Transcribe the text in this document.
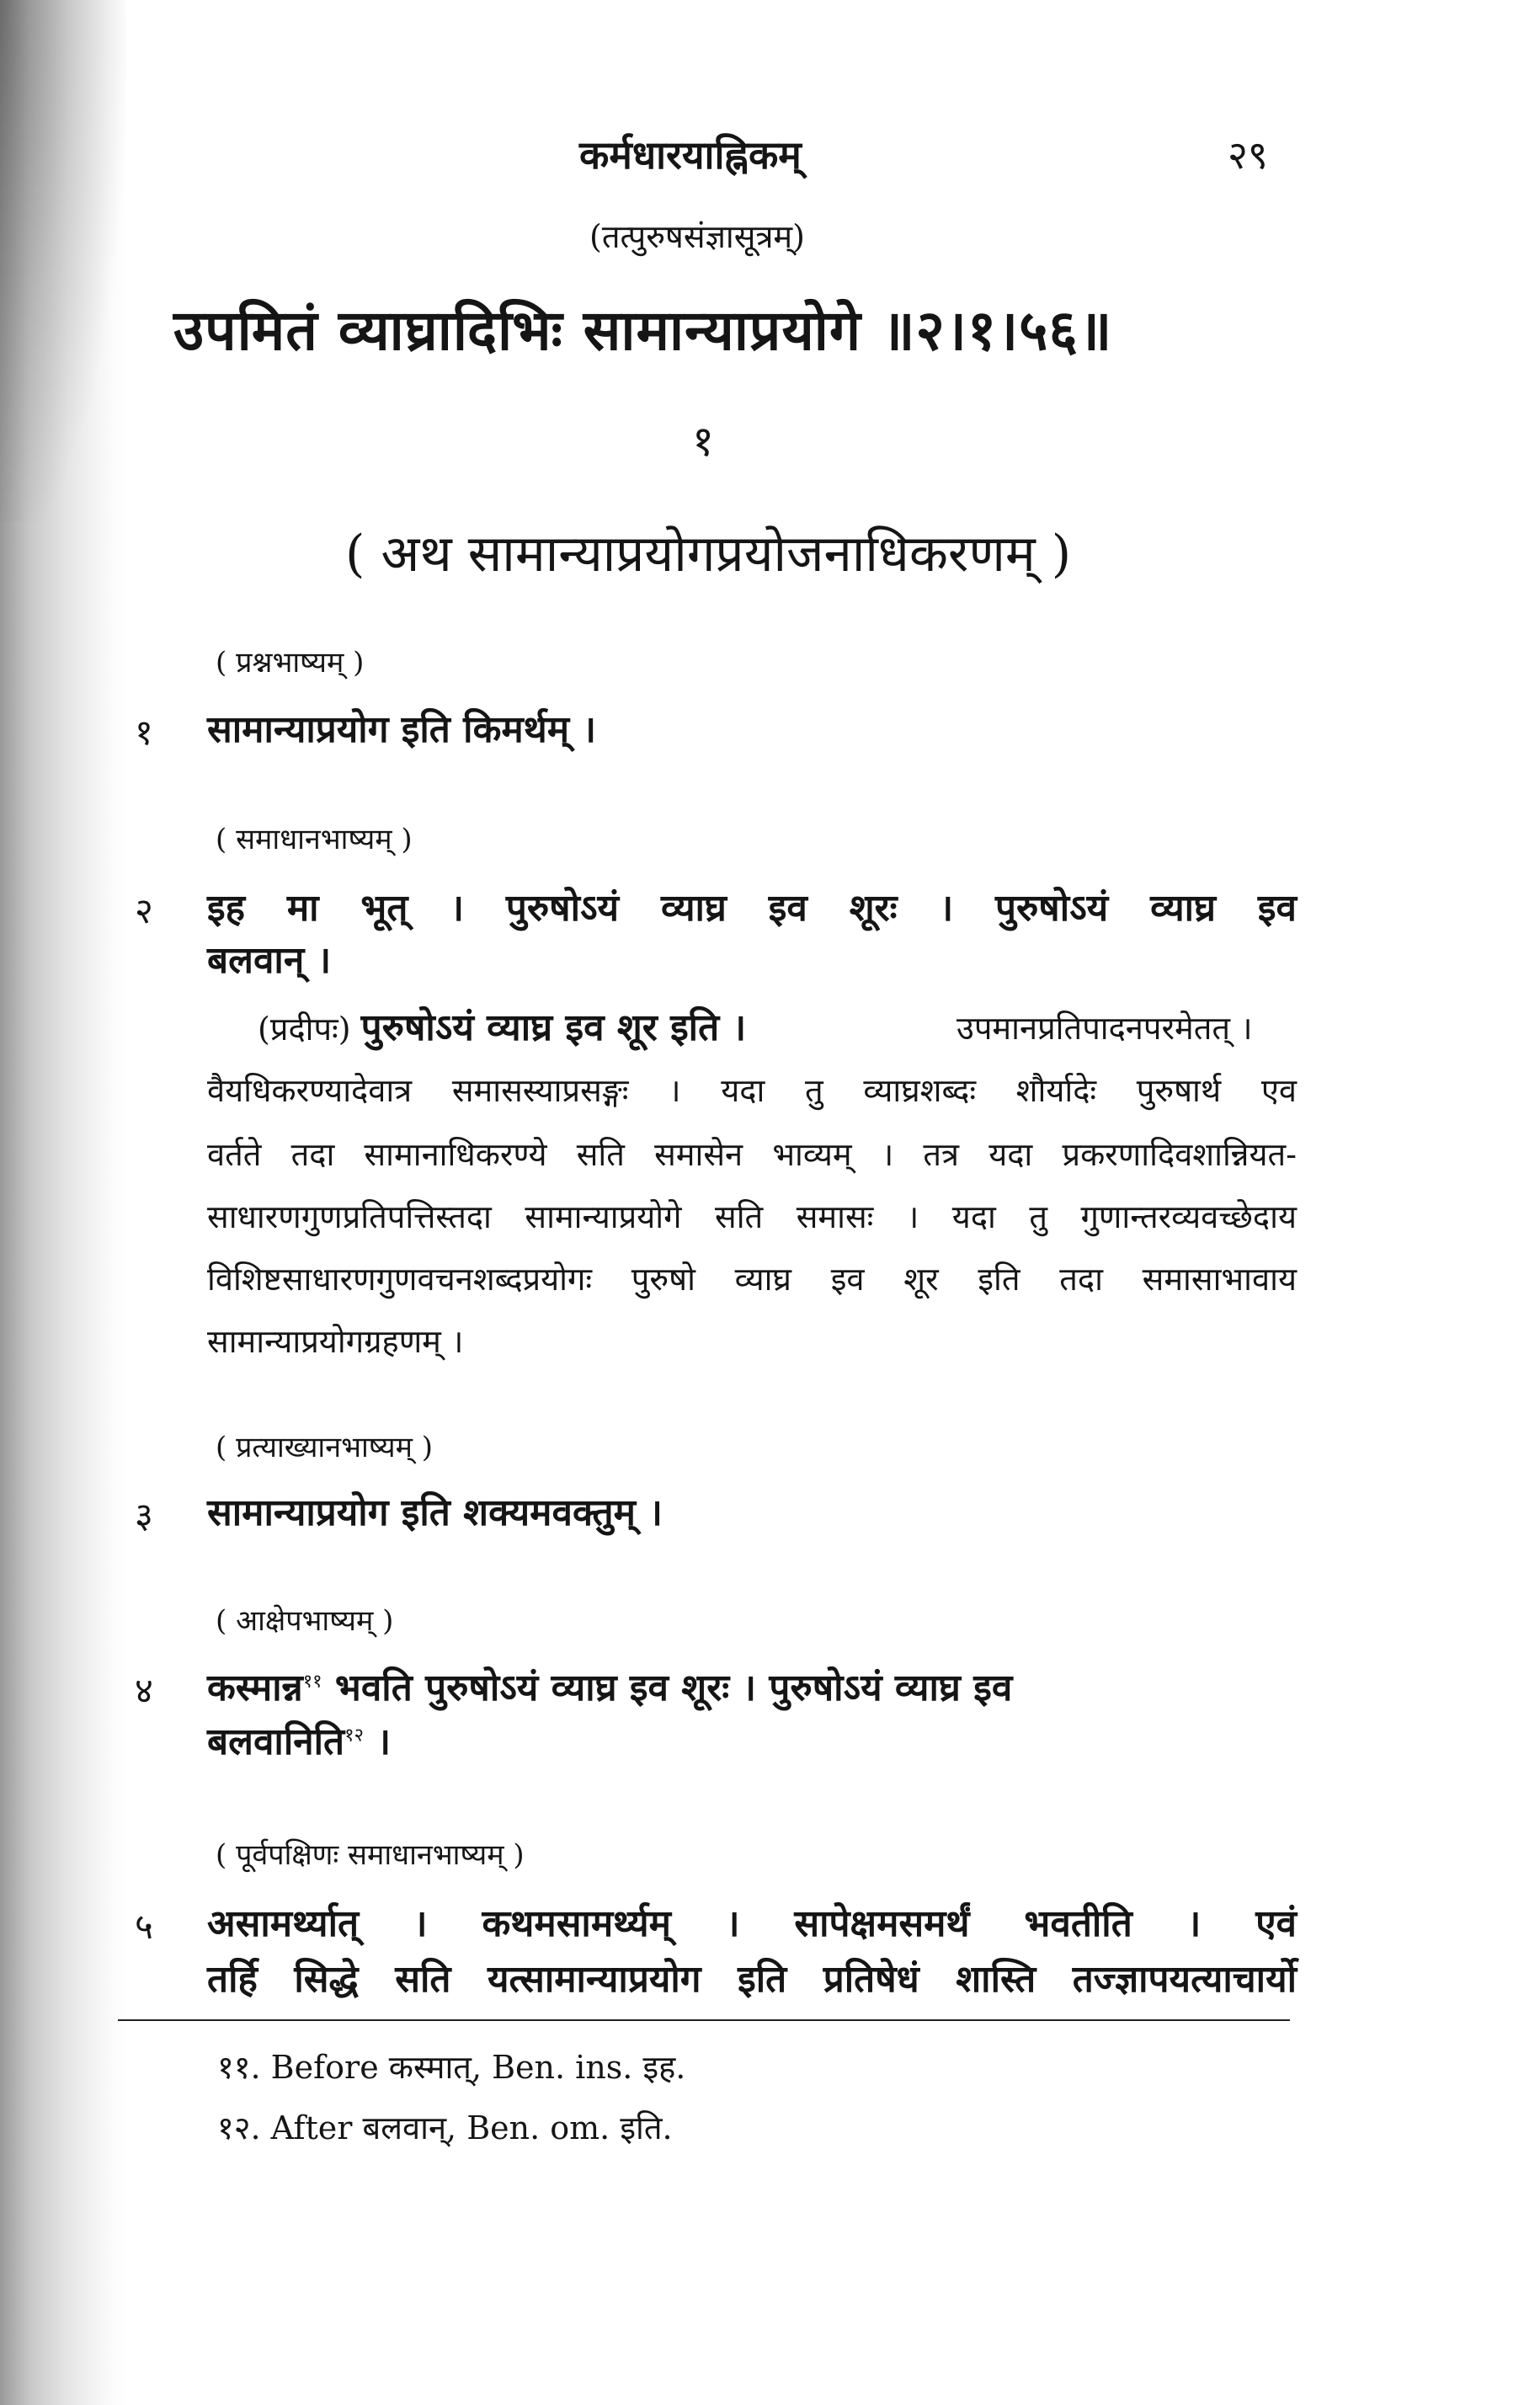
कर्मधारयाह्निकम्	२९
(तत्पुरुषसंज्ञासूत्रम्)
उपमितं व्याघ्रादिभिः सामान्याप्रयोगे ॥२।१।५६॥
१
( अथ सामान्याप्रयोगप्रयोजनाधिकरणम् )
( प्रश्नभाष्यम् )
१ सामान्याप्रयोग इति किमर्थम् ।
( समाधानभाष्यम् )
२ इह मा भूत् । पुरुषोऽयं व्याघ्र इव शूरः । पुरुषोऽयं व्याघ्र इव
बलवान् ।
(प्रदीपः) पुरुषोऽयं व्याघ्र इव शूर इति ।	उपमानप्रतिपादनपरमेतत् ।
वैयधिकरण्यादेवात्र समासस्याप्रसङ्गः । यदा तु व्याघ्रशब्दः शौर्यादेः पुरुषार्थ एव
वर्तते तदा सामानाधिकरण्ये सति समासेन भाव्यम् । तत्र यदा प्रकरणादिवशान्नियत-
साधारणगुणप्रतिपत्तिस्तदा सामान्याप्रयोगे सति समासः । यदा तु गुणान्तरव्यवच्छेदाय
विशिष्टसाधारणगुणवचनशब्दप्रयोगः पुरुषो व्याघ्र इव शूर इति तदा समासाभावाय
सामान्याप्रयोगग्रहणम् ।
( प्रत्याख्यानभाष्यम् )
३ सामान्याप्रयोग इति शक्यमवक्तुम् ।
( आक्षेपभाष्यम् )
४ कस्मान्न$^{११}$ भवति पुरुषोऽयं व्याघ्र इव शूरः । पुरुषोऽयं व्याघ्र इव
बलवानिति$^{१२}$ ।
( पूर्वपक्षिणः समाधानभाष्यम् )
५ असामर्थ्यात् । कथमसामर्थ्यम् । सापेक्षमसमर्थं भवतीति । एवं
तर्हि सिद्धे सति यत्सामान्याप्रयोग इति प्रतिषेधं शास्ति तज्ज्ञापयत्याचार्यो
११. Before कस्मात्, Ben. ins. इह.
१२. After बलवान्, Ben. om. इति.
